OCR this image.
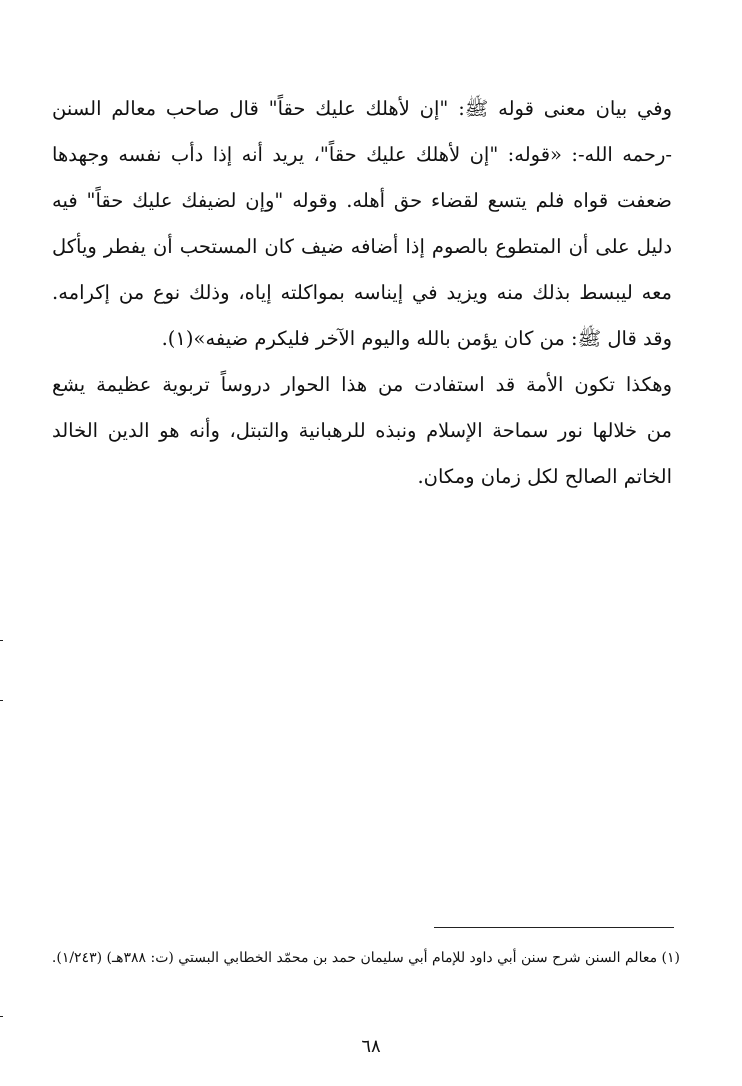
وفي بيان معنى قوله ﷺ: "إن لأهلك عليك حقاً" قال صاحب معالم السنن
-رحمه الله-: «قوله: "إن لأهلك عليك حقاً"، يريد أنه إذا دأب نفسه وجهدها
ضعفت قواه فلم يتسع لقضاء حق أهله. وقوله "وإن لضيفك عليك حقاً" فيه
دليل على أن المتطوع بالصوم إذا أضافه ضيف كان المستحب أن يفطر ويأكل
معه ليبسط بذلك منه ويزيد في إيناسه بمواكلته إياه، وذلك نوع من إكرامه.
وقد قال ﷺ: من كان يؤمن بالله واليوم الآخر فليكرم ضيفه»(١).
وهكذا تكون الأمة قد استفادت من هذا الحوار دروساً تربوية عظيمة يشع
من خلالها نور سماحة الإسلام ونبذه للرهبانية والتبتل، وأنه هو الدين الخالد
الخاتم الصالح لكل زمان ومكان.
(١) معالم السنن شرح سنن أبي داود للإمام أبي سليمان حمد بن محمّد الخطابي البستي (ت: ٣٨٨هـ) (١/٢٤٣).
٦٨
